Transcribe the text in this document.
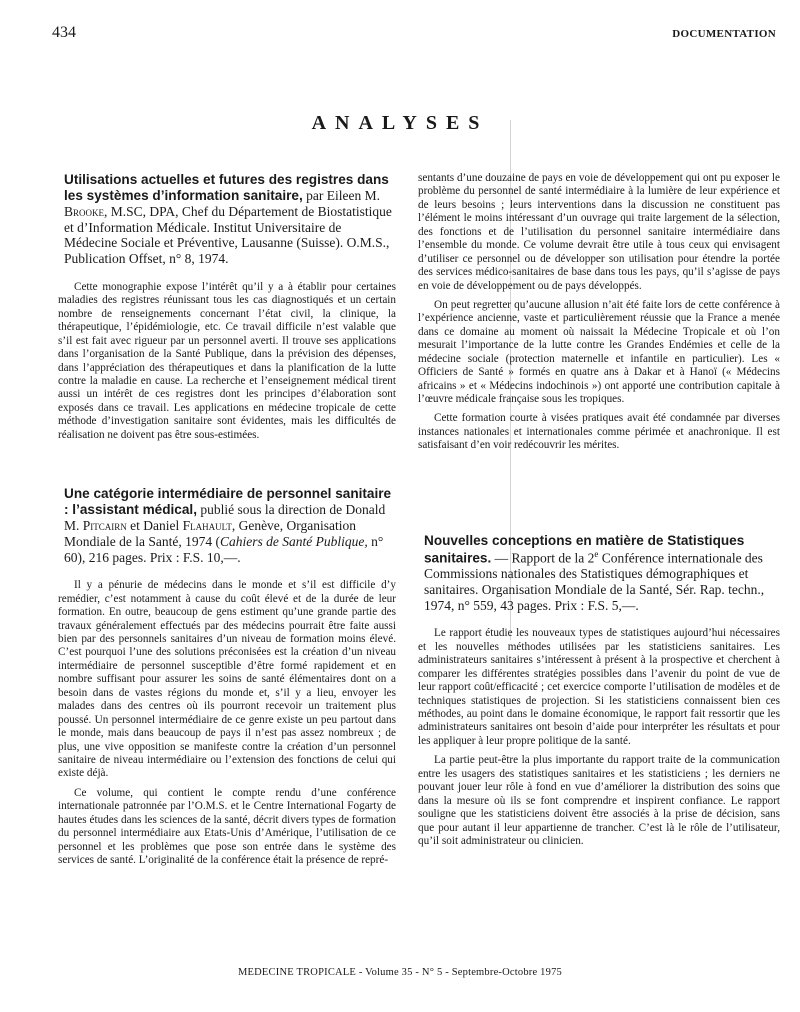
434	DOCUMENTATION
ANALYSES
Utilisations actuelles et futures des registres dans les systèmes d’information sanitaire, par Eileen M. Brooke, M.SC, DPA, Chef du Département de Biostatistique et d’Information Médicale. Institut Universitaire de Médecine Sociale et Préventive, Lausanne (Suisse). O.M.S., Publication Offset, n° 8, 1974.

Cette monographie expose l’intérêt qu’il y a à établir pour certaines maladies des registres réunissant tous les cas diagnostiqués et un certain nombre de renseignements concernant l’état civil, la clinique, la thérapeutique, l’épidémiologie, etc. Ce travail difficile n’est valable que s’il est fait avec rigueur par un personnel averti. Il trouve ses applications dans l’organisation de la Santé Publique, dans la prévision des dépenses, dans l’appréciation des thérapeutiques et dans la planification de la lutte contre la maladie en cause. La recherche et l’enseignement médical tirent aussi un intérêt de ces registres dont les principes d’élaboration sont exposés dans ce travail. Les applications en médecine tropicale de cette méthode d’investigation sanitaire sont évidentes, mais les difficultés de réalisation ne doivent pas être sous-estimées.

Une catégorie intermédiaire de personnel sanitaire : l’assistant médical, publié sous la direction de Donald M. Pitcairn et Daniel Flahault, Genève, Organisation Mondiale de la Santé, 1974 (Cahiers de Santé Publique, n° 60), 216 pages. Prix : F.S. 10,—.

Il y a pénurie de médecins dans le monde et s’il est difficile d’y remédier, c’est notamment à cause du coût élevé et de la durée de leur formation. En outre, beaucoup de gens estiment qu’une grande partie des travaux généralement effectués par des médecins pourrait être faite aussi bien par des personnels sanitaires d’un niveau de formation moins élevé. C’est pourquoi l’une des solutions préconisées est la création d’un niveau intermédiaire de personnel susceptible d’être formé rapidement et en nombre suffisant pour assurer les soins de santé élémentaires dont on a besoin dans de vastes régions du monde et, s’il y a lieu, envoyer les malades dans des centres où ils pourront recevoir un traitement plus poussé. Un personnel intermédiaire de ce genre existe un peu partout dans le monde, mais dans beaucoup de pays il n’est pas assez nombreux ; de plus, une vive opposition se manifeste contre la création d’un personnel sanitaire de niveau intermédiaire ou l’extension des fonctions de celui qui existe déjà.

Ce volume, qui contient le compte rendu d’une conférence internationale patronnée par l’O.M.S. et le Centre International Fogarty de hautes études dans les sciences de la santé, décrit divers types de formation du personnel intermédiaire aux Etats-Unis d’Amérique, l’utilisation de ce personnel et les problèmes que pose son entrée dans le système des services de santé. L’originalité de la conférence était la présence de repré-

sentants d’une douzaine de pays en voie de développement qui ont pu exposer le problème du personnel de santé intermédiaire à la lumière de leur expérience et de leurs besoins ; leurs interventions dans la discussion ne constituent pas l’élément le moins intéressant d’un ouvrage qui traite largement de la sélection, des fonctions et de l’utilisation du personnel sanitaire intermédiaire dans l’ensemble du monde. Ce volume devrait être utile à tous ceux qui envisagent d’utiliser ce personnel ou de développer son utilisation pour étendre la portée des services médico-sanitaires de base dans tous les pays, qu’il s’agisse de pays en voie de développement ou de pays développés.

On peut regretter qu’aucune allusion n’ait été faite lors de cette conférence à l’expérience ancienne, vaste et particulièrement réussie que la France a menée dans ce domaine au moment où naissait la Médecine Tropicale et où l’on mesurait l’importance de la lutte contre les Grandes Endémies et celle de la médecine sociale (protection maternelle et infantile en particulier). Les « Officiers de Santé » formés en quatre ans à Dakar et à Hanoï (« Médecins africains » et « Médecins indochinois ») ont apporté une contribution capitale à l’œuvre médicale française sous les tropiques.

Cette formation courte à visées pratiques avait été condamnée par diverses instances nationales et internationales comme périmée et anachronique. Il est satisfaisant d’en voir redécouvrir les mérites.

Nouvelles conceptions en matière de Statistiques sanitaires. — Rapport de la 2e Conférence internationale des Commissions nationales des Statistiques démographiques et sanitaires. Organisation Mondiale de la Santé, Sér. Rap. techn., 1974, n° 559, 43 pages. Prix : F.S. 5,—.

Le rapport étudie les nouveaux types de statistiques aujourd’hui nécessaires et les nouvelles méthodes utilisées par les statisticiens sanitaires. Les administrateurs sanitaires s’intéressent à présent à la prospective et cherchent à comparer les différentes stratégies possibles dans l’avenir du point de vue de leur rapport coût/efficacité ; cet exercice comporte l’utilisation de modèles et de techniques statistiques de projection. Si les statisticiens connaissent bien ces méthodes, au point dans le domaine économique, le rapport fait ressortir que les administrateurs sanitaires ont besoin d’aide pour interpréter les résultats et pour les appliquer à leur propre politique de la santé.

La partie peut-être la plus importante du rapport traite de la communication entre les usagers des statistiques sanitaires et les statisticiens ; les derniers ne pouvant jouer leur rôle à fond en vue d’améliorer la distribution des soins que dans la mesure où ils se font comprendre et inspirent confiance. Le rapport souligne que les statisticiens doivent être associés à la prise de décision, sans que pour autant il leur appartienne de trancher. C’est là le rôle de l’utilisateur, qu’il soit administrateur ou clinicien.

MEDECINE TROPICALE - Volume 35 - N° 5 - Septembre-Octobre 1975
